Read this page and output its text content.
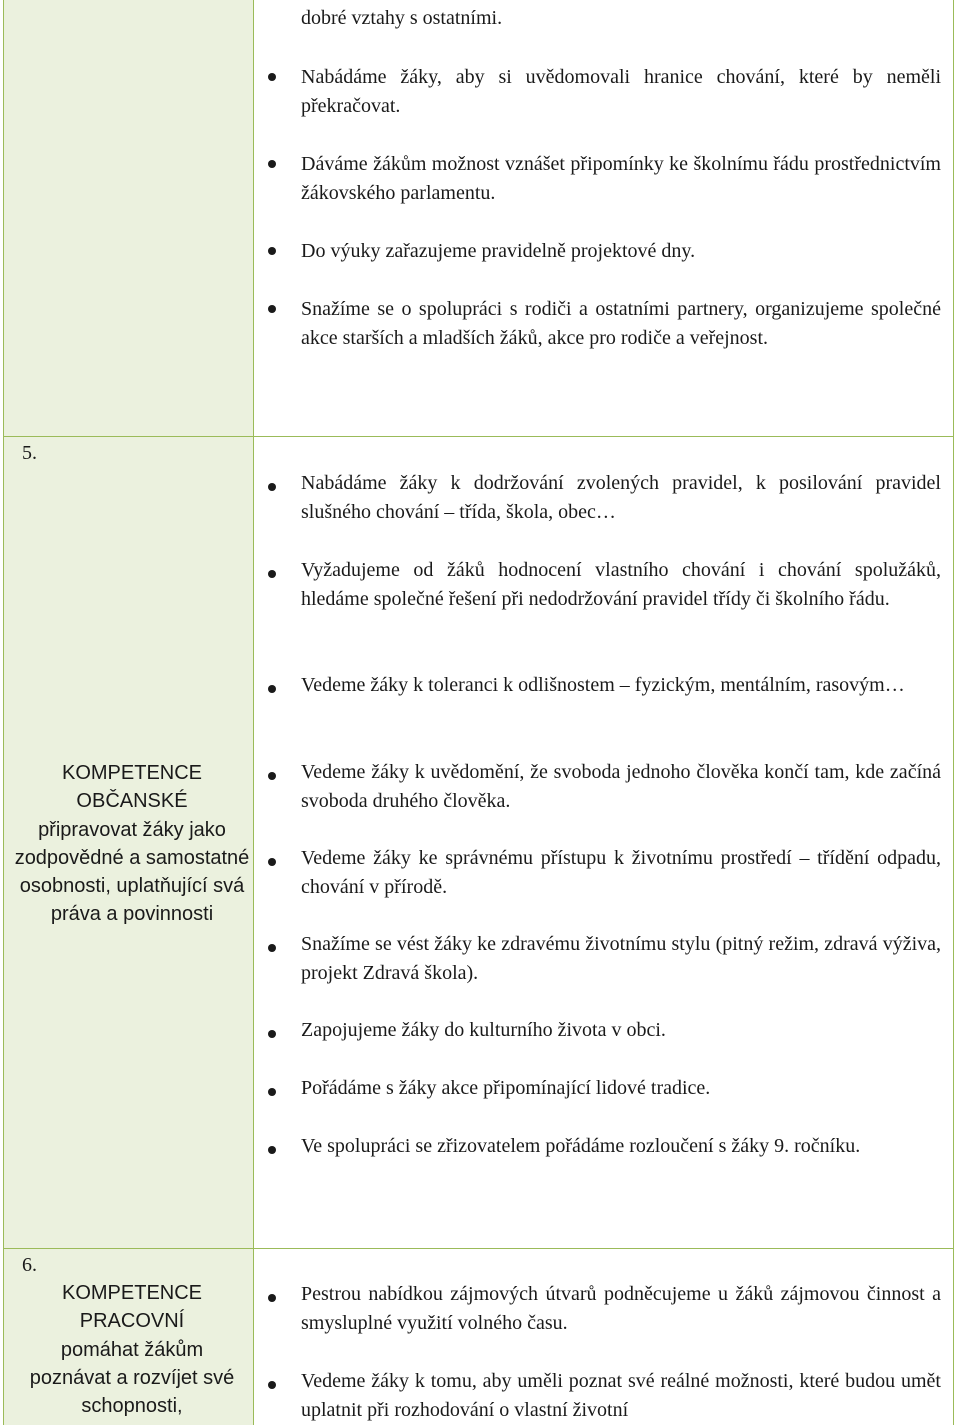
dobré vztahy s ostatními.
Nabádáme žáky, aby si uvědomovali hranice chování, které by neměli překračovat.
Dáváme žákům možnost vznášet připomínky ke školnímu řádu prostřednictvím žákovského parlamentu.
Do výuky zařazujeme pravidelně projektové dny.
Snažíme se o spolupráci s rodiči a ostatními partnery, organizujeme společné akce starších a mladších žáků, akce pro rodiče a veřejnost.
5.
KOMPETENCE OBČANSKÉ
připravovat žáky jako zodpovědné a samostatné osobnosti, uplatňující svá práva a povinnosti
Nabádáme žáky k dodržování zvolených pravidel, k posilování pravidel slušného chování – třída, škola, obec…
Vyžadujeme od žáků hodnocení vlastního chování i chování spolužáků, hledáme společné řešení při nedodržování pravidel třídy či školního řádu.
Vedeme žáky k toleranci k odlišnostem – fyzickým, mentálním, rasovým…
Vedeme žáky k uvědomění, že svoboda jednoho člověka končí tam, kde začíná svoboda druhého člověka.
Vedeme žáky ke správnému přístupu k životnímu prostředí – třídění odpadu, chování v přírodě.
Snažíme se vést žáky ke zdravému životnímu stylu (pitný režim, zdravá výživa, projekt Zdravá škola).
Zapojujeme žáky do kulturního života v obci.
Pořádáme s žáky akce připomínající lidové tradice.
Ve spolupráci se zřizovatelem pořádáme rozloučení s žáky 9. ročníku.
6.
KOMPETENCE PRACOVNÍ
pomáhat žákům poznávat a rozvíjet své schopnosti,
Pestrou nabídkou zájmových útvarů podněcujeme u žáků zájmovou činnost a smysluplné využití volného času.
Vedeme žáky k tomu, aby uměli poznat své reálné možnosti, které budou umět uplatnit při rozhodování o vlastní životní
